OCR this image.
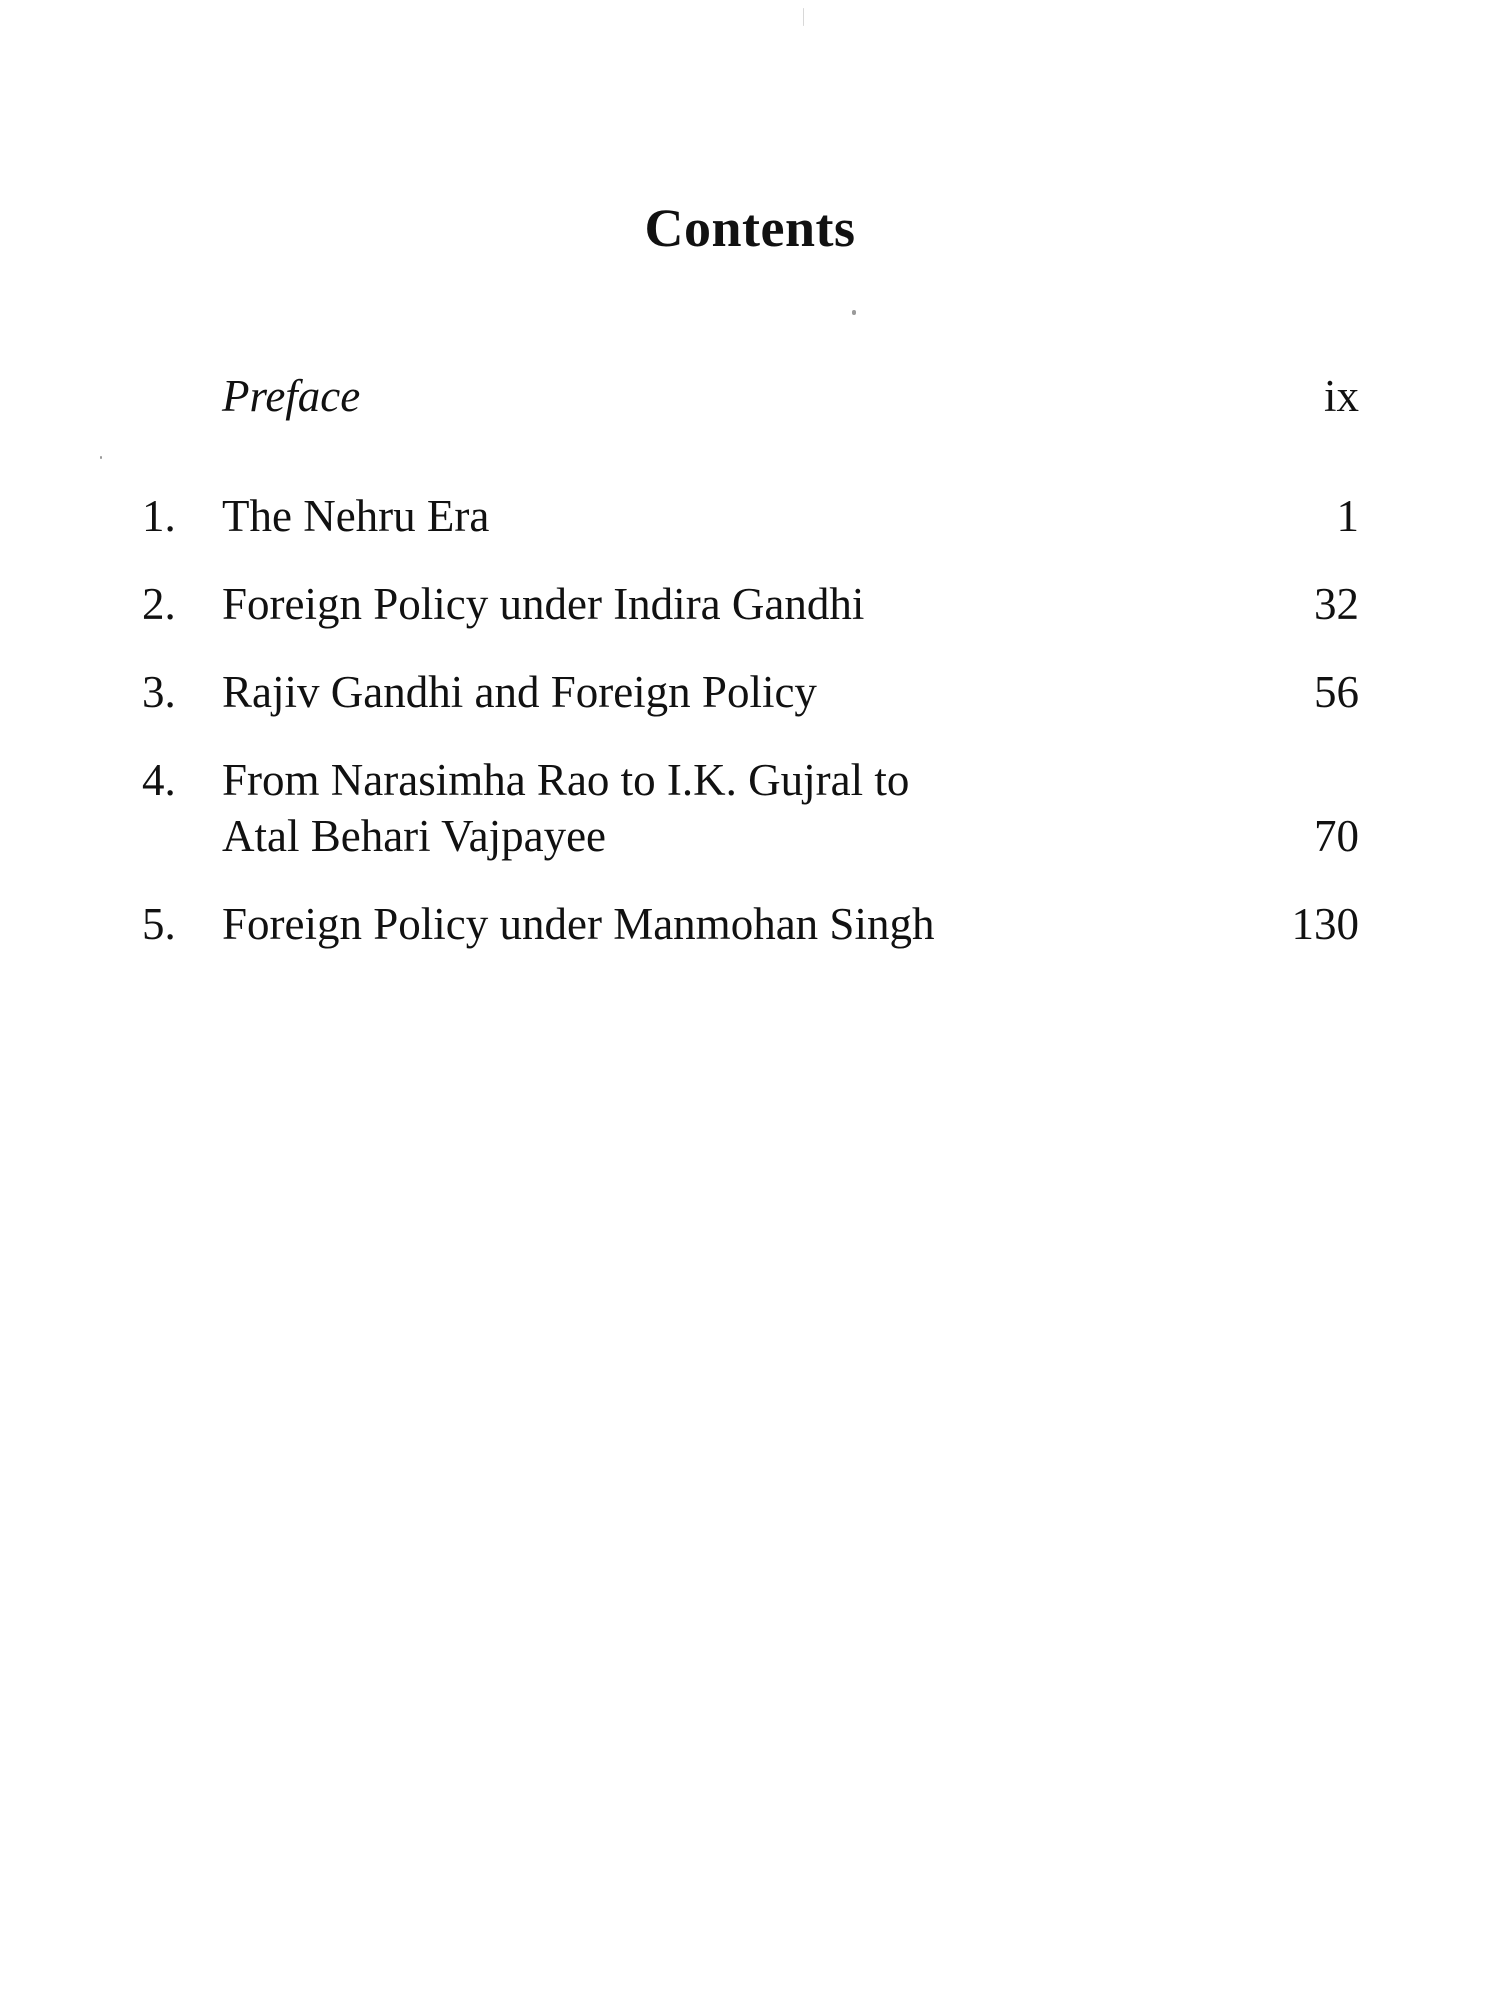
Contents
Preface	ix
1.	The Nehru Era	1
2.	Foreign Policy under Indira Gandhi	32
3.	Rajiv Gandhi and Foreign Policy	56
4.	From Narasimha Rao to I.K. Gujral to
Atal Behari Vajpayee	70
5.	Foreign Policy under Manmohan Singh	130
